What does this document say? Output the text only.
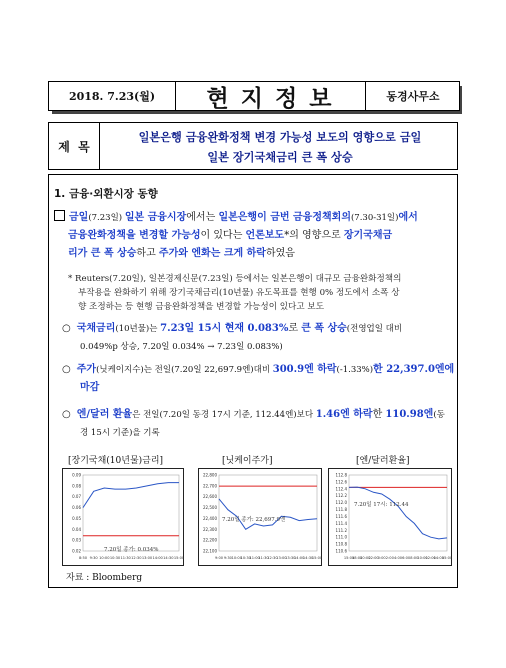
2018. 7.23(월)	현 지 정 보	동경사무소
제  목
일본은행 금융완화정책 변경 가능성 보도의 영향으로 금일
일본 장기국채금리 큰 폭 상승
1. 금융·외환시장 동향
금일(7.23일) 일본 금융시장에서는 일본은행이 금번 금융정책회의(7.30-31일)에서
금융완화정책을 변경할 가능성이 있다는 언론보도*의 영향으로 장기국채금
리가 큰 폭 상승하고 주가와 엔화는 크게 하락하였음
* Reuters(7.20일), 일본경제신문(7.23일) 등에서는 일본은행이 대규모 금융완화정책의
부작용을 완화하기 위해 장기국채금리(10년물) 유도목표를 현행 0% 정도에서 소폭 상
향 조정하는 등 현행 금융완화정책을 변경할 가능성이 있다고 보도
○ 국채금리(10년물)는 7.23일 15시 현재 0.083%로 큰 폭 상승(전영업일 대비
0.049%p 상승, 7.20일 0.034% → 7.23일 0.083%)
○ 주가(닛케이지수)는 전일(7.20일 22,697.9엔)대비 300.9엔 하락(-1.33%)한 22,397.0엔에
마감
○ 엔/달러 환율은 전일(7.20일 동경 17시 기준, 112.44엔)보다 1.46엔 하락한 110.98엔(동
경 15시 기준)을 기록
[장기국채(10년물)금리]	[닛케이주가]	[엔/달러환율]
0.09
0.08
0.07
0.06
0.05
0.04
0.03
0.02
8:50 9:30 10:00 10:30 11:30 12:30 13:00 14:00 14:30 15:00
22,800
22,700
22,600
22,500
22,400
22,300
22,200
22,100
9:00 9:30 10:00
10:30
11:00
11:30
12:30
13:00
13:30
14:00
14:30
15:00
112.8
112.6
112.4
112.2
112.0
111.8
111.6
111.4
111.2
111.0
110.8
110.6
15:00
18:00
20:00
22:00
0:00 2:00 4:00 6:00 8:00
10:00
12:00
14:00
15:00
7.20일 종가: 0.034%
7.20일 종가: 22,697.9엔
7.20일 17시: 112.44
자료 : Bloomberg
